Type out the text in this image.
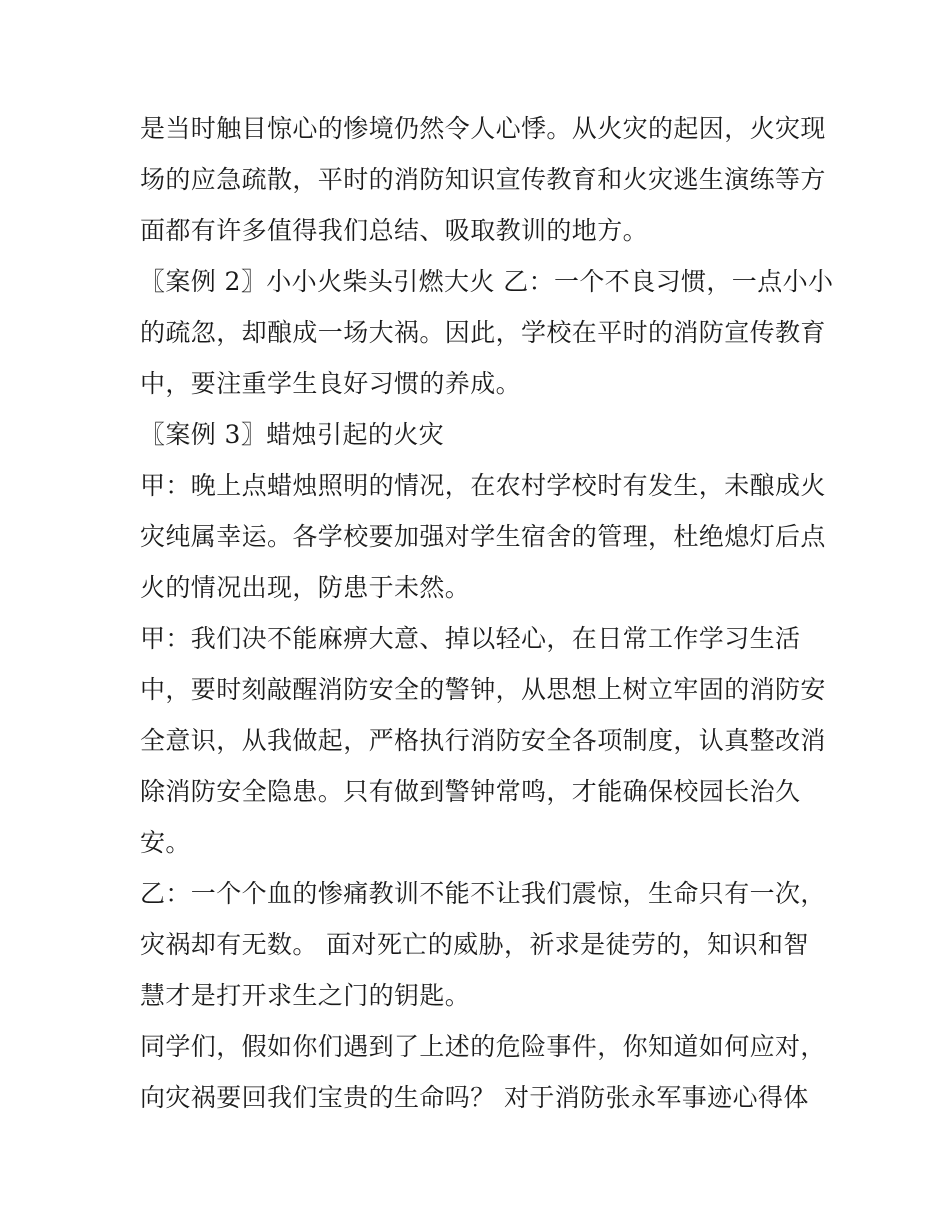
是当时触目惊心的惨境仍然令人心悸。从火灾的起因，火灾现
场的应急疏散，平时的消防知识宣传教育和火灾逃生演练等方
面都有许多值得我们总结、吸取教训的地方。
〖案例 2〗小小火柴头引燃大火 乙：一个不良习惯，一点小小
的疏忽，却酿成一场大祸。因此，学校在平时的消防宣传教育
中，要注重学生良好习惯的养成。
〖案例 3〗蜡烛引起的火灾
甲：晚上点蜡烛照明的情况，在农村学校时有发生，未酿成火
灾纯属幸运。各学校要加强对学生宿舍的管理，杜绝熄灯后点
火的情况出现，防患于未然。
甲：我们决不能麻痹大意、掉以轻心，在日常工作学习生活
中，要时刻敲醒消防安全的警钟，从思想上树立牢固的消防安
全意识，从我做起，严格执行消防安全各项制度，认真整改消
除消防安全隐患。只有做到警钟常鸣，才能确保校园长治久
安。
乙：一个个血的惨痛教训不能不让我们震惊，生命只有一次，
灾祸却有无数。 面对死亡的威胁，祈求是徒劳的，知识和智
慧才是打开求生之门的钥匙。
同学们，假如你们遇到了上述的危险事件，你知道如何应对，
向灾祸要回我们宝贵的生命吗？ 对于消防张永军事迹心得体
